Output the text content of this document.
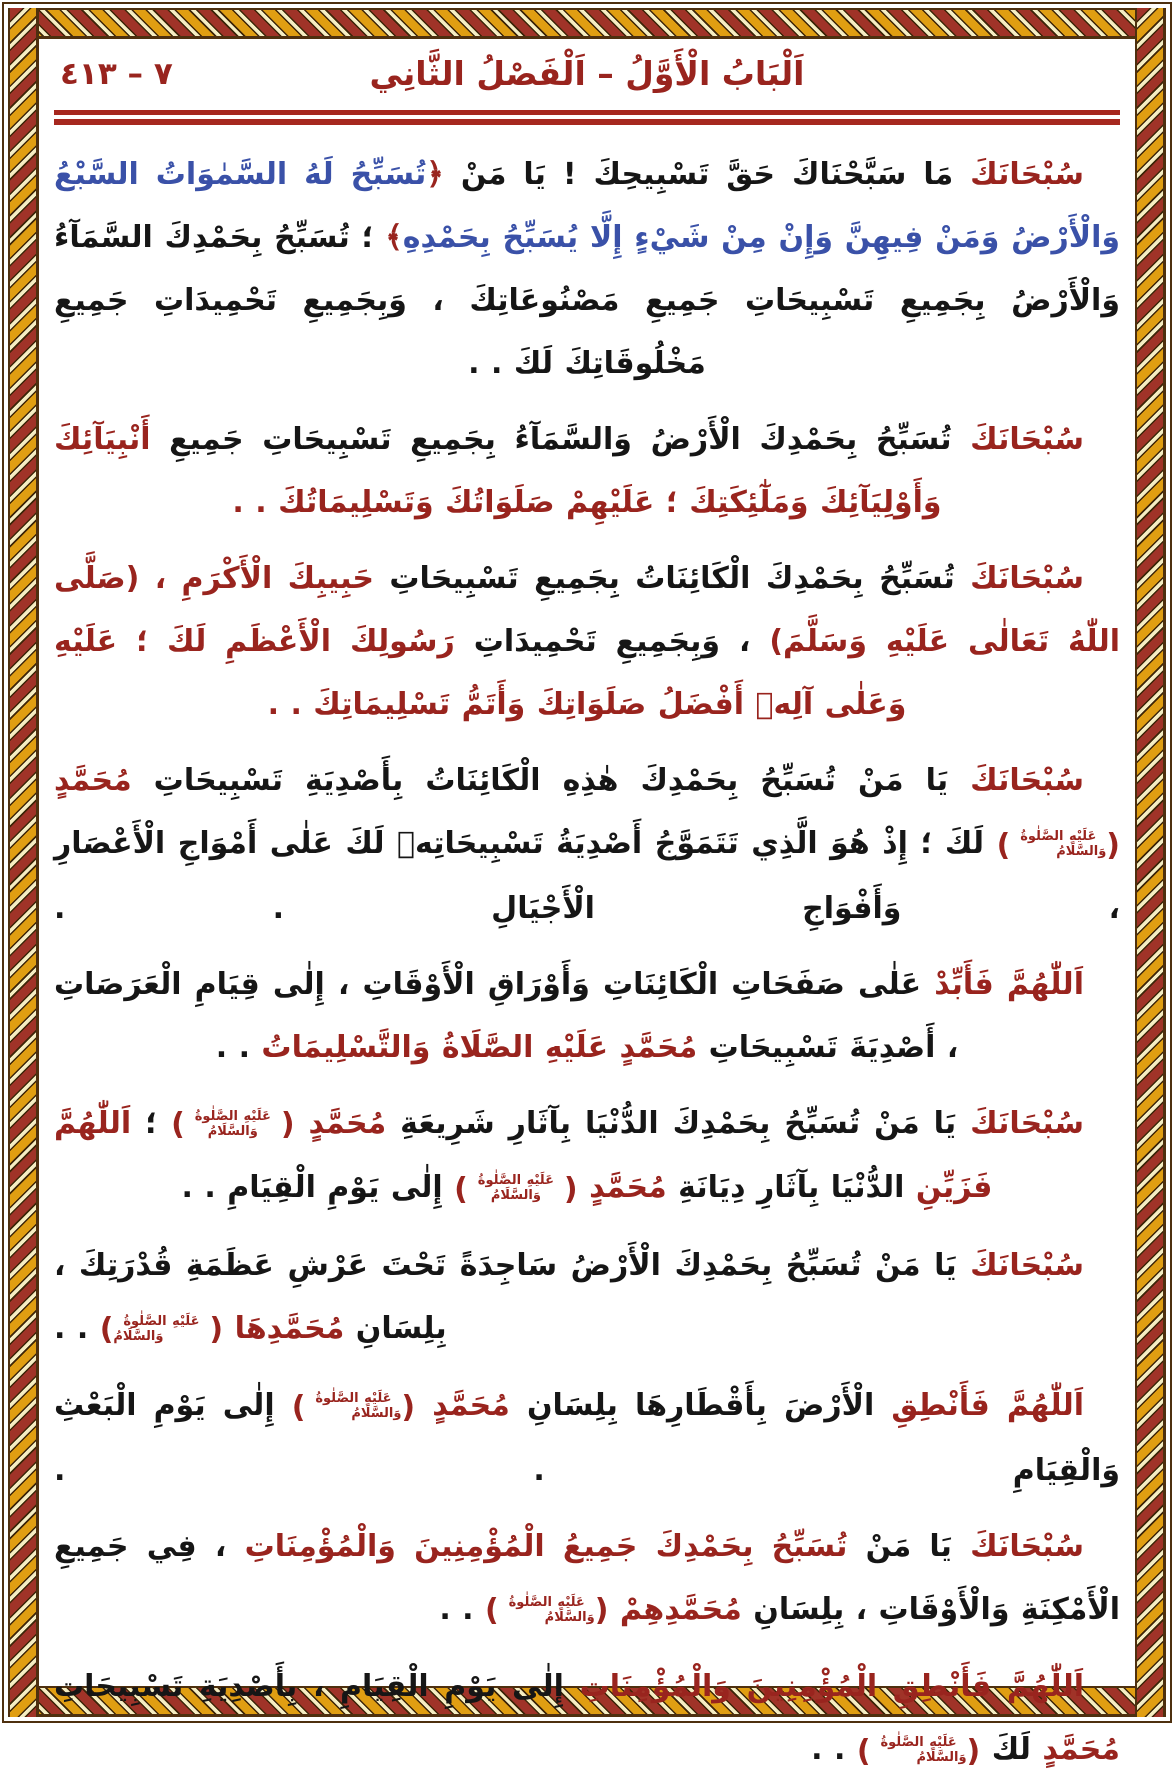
٧ – ٤١٣	اَلْبَابُ الْأَوَّلُ – اَلْفَصْلُ الثَّانِي

سُبْحَانَكَ مَا سَبَّحْنَاكَ حَقَّ تَسْبِيحِكَ ! يَا مَنْ ﴿تُسَبِّحُ لَهُ السَّمٰوَاتُ السَّبْعُ وَالْأَرْضُ وَمَنْ فِيهِنَّ وَإِنْ مِنْ شَيْءٍ إِلَّا يُسَبِّحُ بِحَمْدِهِ﴾ ؛ تُسَبِّحُ بِحَمْدِكَ السَّمَآءُ وَالْأَرْضُ بِجَمِيعِ تَسْبِيحَاتِ جَمِيعِ مَصْنُوعَاتِكَ ، وَبِجَمِيعِ تَحْمِيدَاتِ جَمِيعِ مَخْلُوقَاتِكَ لَكَ . .

سُبْحَانَكَ تُسَبِّحُ بِحَمْدِكَ الْأَرْضُ وَالسَّمَآءُ بِجَمِيعِ تَسْبِيحَاتِ جَمِيعِ أَنْبِيَآئِكَ وَأَوْلِيَآئِكَ وَمَلٰٓئِكَتِكَ ؛ عَلَيْهِمْ صَلَوَاتُكَ وَتَسْلِيمَاتُكَ . .

سُبْحَانَكَ تُسَبِّحُ بِحَمْدِكَ الْكَائِنَاتُ بِجَمِيعِ تَسْبِيحَاتِ حَبِيبِكَ الْأَكْرَمِ ، (صَلَّى اللّٰهُ تَعَالٰى عَلَيْهِ وَسَلَّمَ) ، وَبِجَمِيعِ تَحْمِيدَاتِ رَسُولِكَ الْأَعْظَمِ لَكَ ؛ عَلَيْهِ وَعَلٰى آلِهٖ أَفْضَلُ صَلَوَاتِكَ وَأَتَمُّ تَسْلِيمَاتِكَ . .

سُبْحَانَكَ يَا مَنْ تُسَبِّحُ بِحَمْدِكَ هٰذِهِ الْكَائِنَاتُ بِأَصْدِيَةِ تَسْبِيحَاتِ مُحَمَّدٍ (عَلَيْهِ الصَّلٰوةُ وَالسَّلَامُ) لَكَ ؛ إِذْ هُوَ الَّذِي تَتَمَوَّجُ أَصْدِيَةُ تَسْبِيحَاتِهٖ لَكَ عَلٰى أَمْوَاجِ الْأَعْصَارِ ، وَأَفْوَاجِ الْأَجْيَالِ . .

اَللّٰهُمَّ فَأَبِّدْ عَلٰى صَفَحَاتِ الْكَائِنَاتِ وَأَوْرَاقِ الْأَوْقَاتِ ، إِلٰى قِيَامِ الْعَرَصَاتِ ، أَصْدِيَةَ تَسْبِيحَاتِ مُحَمَّدٍ عَلَيْهِ الصَّلَاةُ وَالتَّسْلِيمَاتُ . .

سُبْحَانَكَ يَا مَنْ تُسَبِّحُ بِحَمْدِكَ الدُّنْيَا بِآثَارِ شَرِيعَةِ مُحَمَّدٍ (عَلَيْهِ الصَّلٰوةُ وَالسَّلَامُ) ؛ اَللّٰهُمَّ فَزَيِّنِ الدُّنْيَا بِآثَارِ دِيَانَةِ مُحَمَّدٍ (عَلَيْهِ الصَّلٰوةُ وَالسَّلَامُ) إِلٰى يَوْمِ الْقِيَامِ . .

سُبْحَانَكَ يَا مَنْ تُسَبِّحُ بِحَمْدِكَ الْأَرْضُ سَاجِدَةً تَحْتَ عَرْشِ عَظَمَةِ قُدْرَتِكَ ، بِلِسَانِ مُحَمَّدِهَا (عَلَيْهِ الصَّلٰوةُ وَالسَّلَامُ) . .

اَللّٰهُمَّ فَأَنْطِقِ الْأَرْضَ بِأَقْطَارِهَا بِلِسَانِ مُحَمَّدٍ (عَلَيْهِ الصَّلٰوةُ وَالسَّلَامُ) إِلٰى يَوْمِ الْبَعْثِ وَالْقِيَامِ . .

سُبْحَانَكَ يَا مَنْ تُسَبِّحُ بِحَمْدِكَ جَمِيعُ الْمُؤْمِنِينَ وَالْمُؤْمِنَاتِ ، فِي جَمِيعِ الْأَمْكِنَةِ وَالْأَوْقَاتِ ، بِلِسَانِ مُحَمَّدِهِمْ (عَلَيْهِ الصَّلٰوةُ وَالسَّلَامُ) . .

اَللّٰهُمَّ فَأَنْطِقِ الْمُؤْمِنِينَ وَالْمُؤْمِنَاتِ إِلٰى يَوْمِ الْقِيَامِ ، بِأَصْدِيَةِ تَسْبِيحَاتِ مُحَمَّدٍ لَكَ (عَلَيْهِ الصَّلٰوةُ وَالسَّلَامُ) . .
